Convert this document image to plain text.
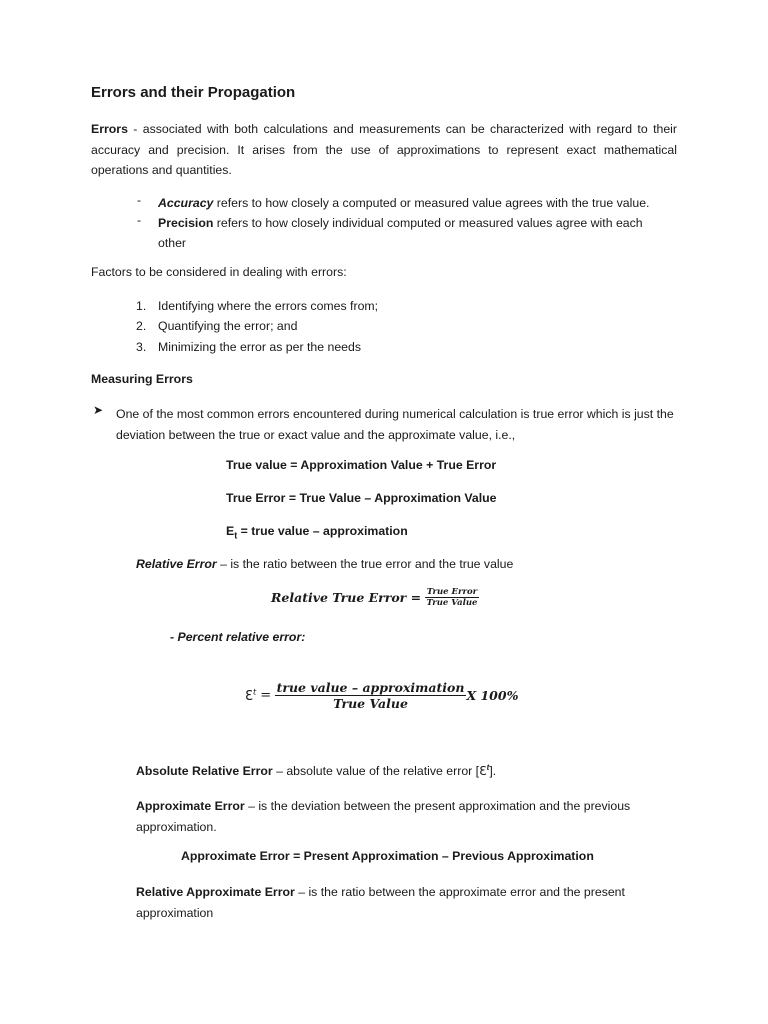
Errors and their Propagation
Errors - associated with both calculations and measurements can be characterized with regard to their accuracy and precision. It arises from the use of approximations to represent exact mathematical operations and quantities.
-	Accuracy refers to how closely a computed or measured value agrees with the true value.
-	Precision refers to how closely individual computed or measured values agree with each other
Factors to be considered in dealing with errors:
1. Identifying where the errors comes from;
2. Quantifying the error; and
3. Minimizing the error as per the needs
Measuring Errors
➤ One of the most common errors encountered during numerical calculation is true error which is just the deviation between the true or exact value and the approximate value, i.e.,
True value = Approximation Value + True Error
True Error = True Value – Approximation Value
$E_t$ = true value – approximation
Relative Error – is the ratio between the true error and the true value
Relative True Error = $\frac{\text{True Error}}{\text{True Value}}$
- Percent relative error:
$Ɛ^t = \frac{\text{true value – approximation}}{\text{True Value}}$ X 100%
Absolute Relative Error – absolute value of the relative error $[Ɛ^t]$.
Approximate Error – is the deviation between the present approximation and the previous approximation.
Approximate Error = Present Approximation – Previous Approximation
Relative Approximate Error – is the ratio between the approximate error and the present approximation
